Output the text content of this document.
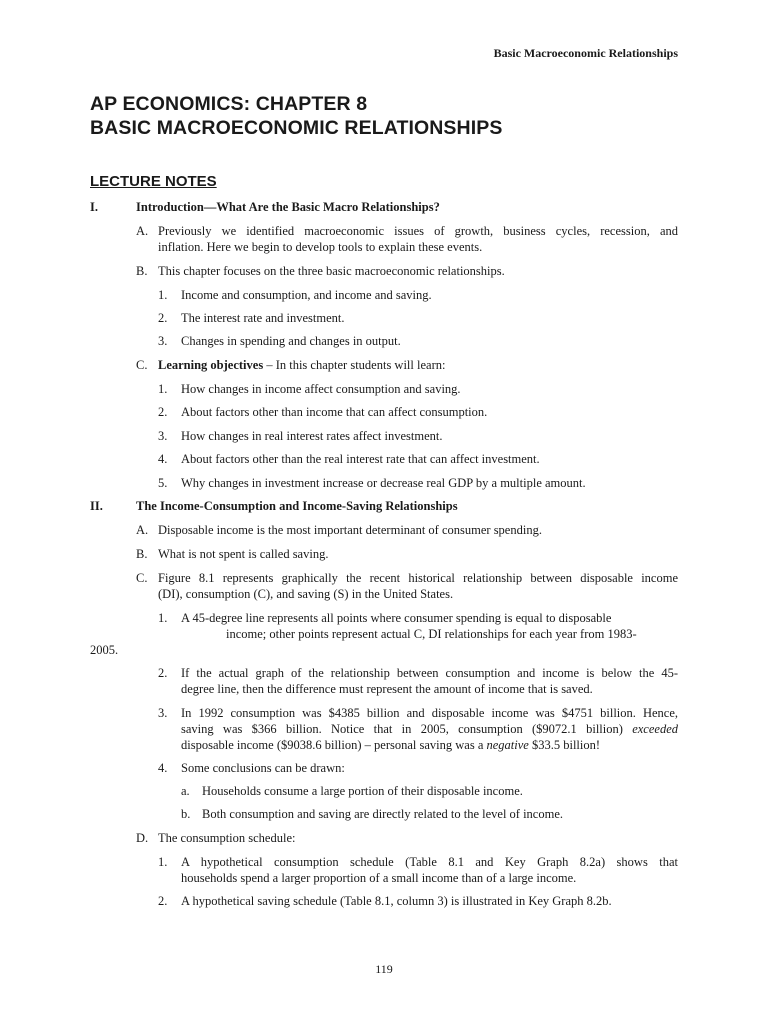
Basic Macroeconomic Relationships
AP ECONOMICS: CHAPTER 8
BASIC MACROECONOMIC RELATIONSHIPS
LECTURE NOTES
I.	Introduction—What Are the Basic Macro Relationships?
A. Previously we identified macroeconomic issues of growth, business cycles, recession, and
inflation. Here we begin to develop tools to explain these events.
B. This chapter focuses on the three basic macroeconomic relationships.
1. Income and consumption, and income and saving.
2. The interest rate and investment.
3. Changes in spending and changes in output.
C. Learning objectives – In this chapter students will learn:
1. How changes in income affect consumption and saving.
2. About factors other than income that can affect consumption.
3. How changes in real interest rates affect investment.
4. About factors other than the real interest rate that can affect investment.
5. Why changes in investment increase or decrease real GDP by a multiple amount.
II.	The Income-Consumption and Income-Saving Relationships
A. Disposable income is the most important determinant of consumer spending.
B. What is not spent is called saving.
C. Figure 8.1 represents graphically the recent historical relationship between disposable income
(DI), consumption (C), and saving (S) in the United States.
1. A 45-degree line represents all points where consumer spending is equal to disposable
income; other points represent actual C, DI relationships for each year from 1983-
2005.
2. If the actual graph of the relationship between consumption and income is below the 45-
degree line, then the difference must represent the amount of income that is saved.
3. In 1992 consumption was $4385 billion and disposable income was $4751 billion. Hence,
saving was $366 billion. Notice that in 2005, consumption ($9072.1 billion) exceeded
disposable income ($9038.6 billion) – personal saving was a negative $33.5 billion!
4. Some conclusions can be drawn:
a. Households consume a large portion of their disposable income.
b. Both consumption and saving are directly related to the level of income.
D. The consumption schedule:
1. A hypothetical consumption schedule (Table 8.1 and Key Graph 8.2a) shows that
households spend a larger proportion of a small income than of a large income.
2. A hypothetical saving schedule (Table 8.1, column 3) is illustrated in Key Graph 8.2b.
119
